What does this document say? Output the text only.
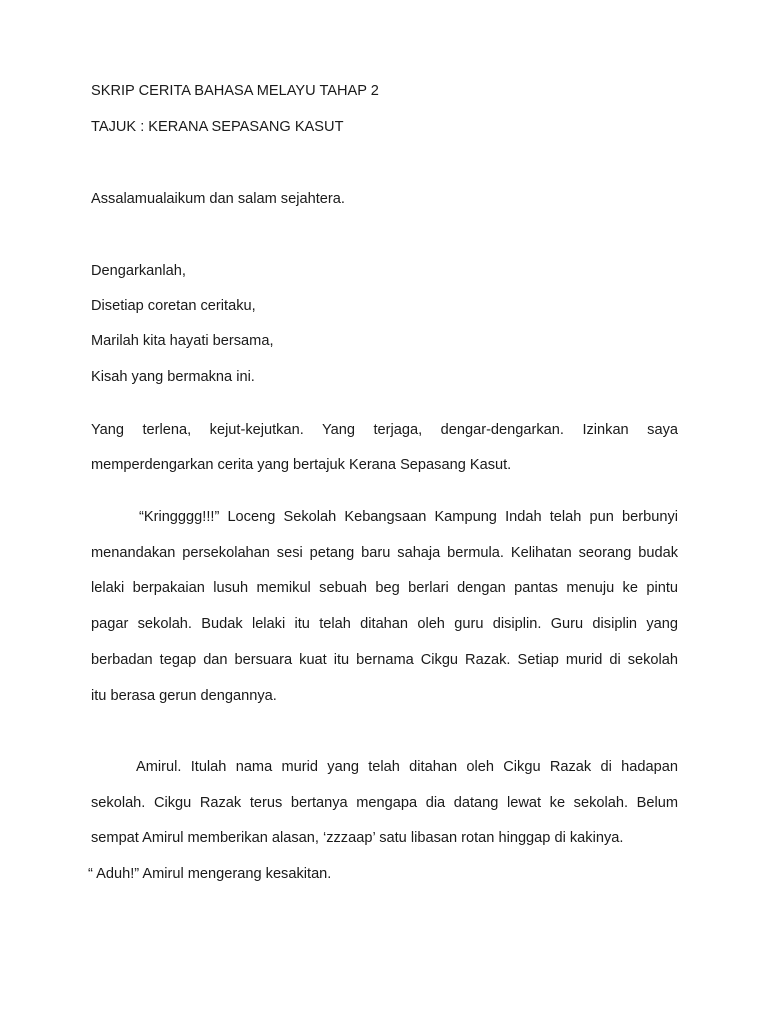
SKRIP CERITA BAHASA MELAYU TAHAP 2
TAJUK : KERANA SEPASANG KASUT
Assalamualaikum dan salam sejahtera.
Dengarkanlah,
Disetiap coretan ceritaku,
Marilah kita hayati bersama,
Kisah yang bermakna ini.
Yang terlena, kejut-kejutkan. Yang terjaga, dengar-dengarkan. Izinkan saya
memperdengarkan cerita yang bertajuk Kerana Sepasang Kasut.
“Kringggg!!!” Loceng Sekolah Kebangsaan Kampung Indah telah pun berbunyi
menandakan persekolahan sesi petang baru sahaja bermula. Kelihatan seorang budak
lelaki berpakaian lusuh memikul sebuah beg berlari dengan pantas menuju ke pintu
pagar sekolah. Budak lelaki itu telah ditahan oleh guru disiplin. Guru disiplin yang
berbadan tegap dan bersuara kuat itu bernama Cikgu Razak. Setiap murid di sekolah
itu berasa gerun dengannya.
Amirul. Itulah nama murid yang telah ditahan oleh Cikgu Razak di hadapan
sekolah. Cikgu Razak terus bertanya mengapa dia datang lewat ke sekolah. Belum
sempat Amirul memberikan alasan, ‘zzzaap’ satu libasan rotan hinggap di kakinya.
“ Aduh!” Amirul mengerang kesakitan.
